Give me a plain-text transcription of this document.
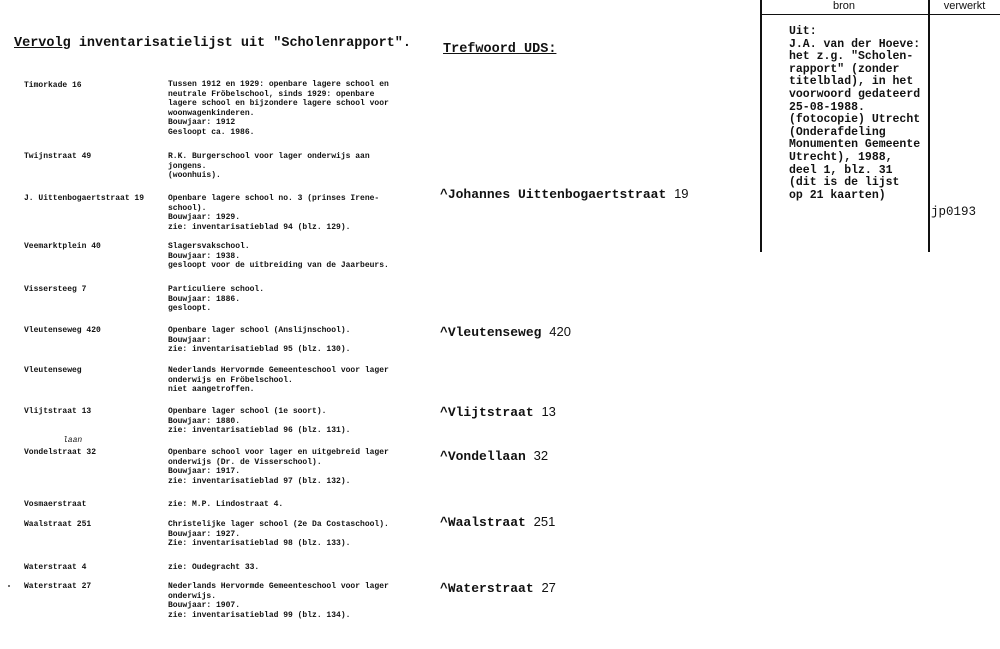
Vervolg inventarisatielijst uit "Scholenrapport". Trefwoord UDS:
bron	verwerkt
Uit:
J.A. van der Hoeve:
het z.g. "Scholen-
rapport" (zonder
titelblad), in het
voorwoord gedateerd
25-08-1988.
(fotocopie) Utrecht
(Onderafdeling
Monumenten Gemeente
Utrecht), 1988,
deel 1, blz. 31
(dit is de lijst
op 21 kaarten)
jp0193
Timorkade 16	Tussen 1912 en 1929: openbare lagere school en
neutrale Fröbelschool, sinds 1929: openbare
lagere school en bijzondere lagere school voor
woonwagenkinderen.
Bouwjaar: 1912
Gesloopt ca. 1986.
Twijnstraat 49	R.K. Burgerschool voor lager onderwijs aan
jongens.
(woonhuis).
J. Uittenbogaertstraat 19	Openbare lagere school no. 3 (prinses Irene-
school).
Bouwjaar: 1929.
zie: inventarisatieblad 94 (blz. 129).
Veemarktplein 40	Slagersvakschool.
Bouwjaar: 1938.
gesloopt voor de uitbreiding van de Jaarbeurs.
Vissersteeg 7	Particuliere school.
Bouwjaar: 1886.
gesloopt.
Vleutenseweg 420	Openbare lager school (Anslijnschool).
Bouwjaar:
zie: inventarisatieblad 95 (blz. 130).
Vleutenseweg	Nederlands Hervormde Gemeenteschool voor lager
onderwijs en Fröbelschool.
niet aangetroffen.
Vlijtstraat 13	Openbare lager school (1e soort).
Bouwjaar: 1880.
zie: inventarisatieblad 96 (blz. 131).
laan
Vondelstraat 32	Openbare school voor lager en uitgebreid lager
onderwijs (Dr. de Visserschool).
Bouwjaar: 1917.
zie: inventarisatieblad 97 (blz. 132).
Vosmaerstraat	zie: M.P. Lindostraat 4.
Waalstraat 251	Christelijke lager school (2e Da Costaschool).
Bouwjaar: 1927.
Zie: inventarisatieblad 98 (blz. 133).
Waterstraat 4	zie: Oudegracht 33.
Waterstraat 27	Nederlands Hervormde Gemeenteschool voor lager
onderwijs.
Bouwjaar: 1907.
zie: inventarisatieblad 99 (blz. 134).
^Johannes Uittenbogaertstraat 19
^Vleutenseweg 420
^Vlijtstraat 13
^Vondellaan 32
^Waalstraat 251
^Waterstraat 27
